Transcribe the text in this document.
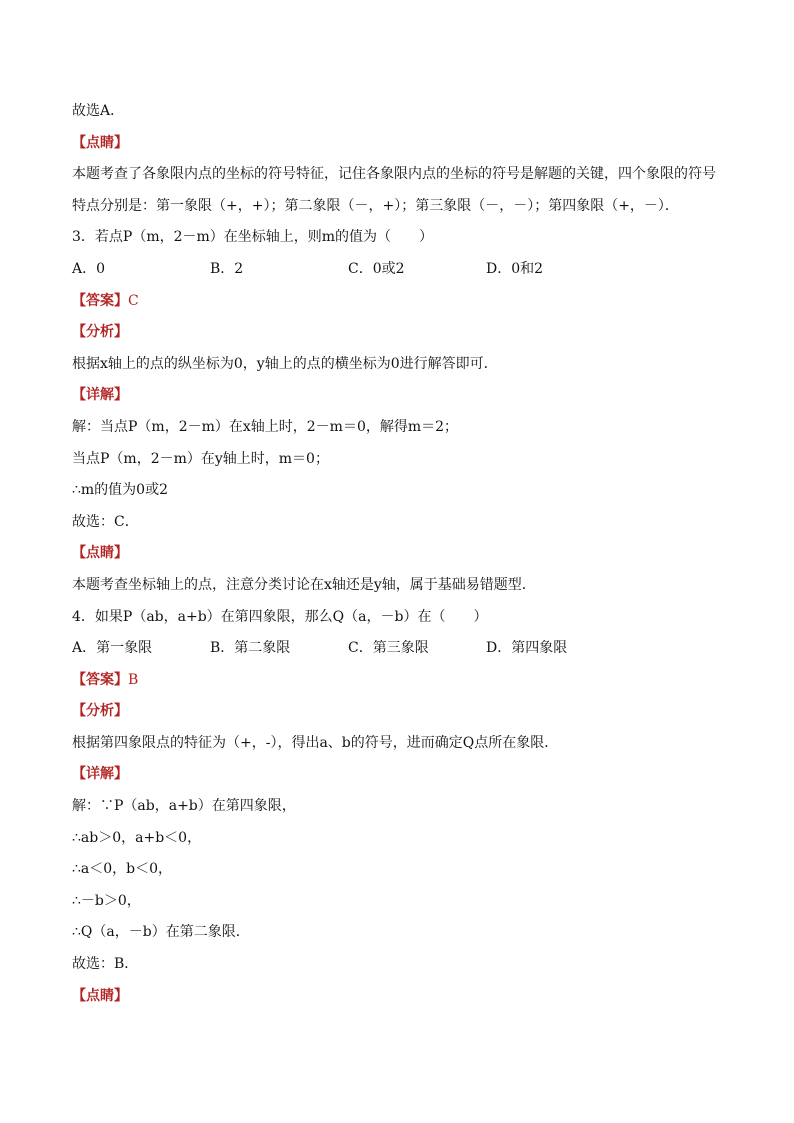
故选A．
【点睛】
本题考查了各象限内点的坐标的符号特征，记住各象限内点的坐标的符号是解题的关键，四个象限的符号
特点分别是：第一象限（+，+）；第二象限（－，+）；第三象限（－，－）；第四象限（+，－）．
3．若点P（m，2－m）在坐标轴上，则m的值为（　　）
A．0	B．2	C．0或2	D．0和2
【答案】C
【分析】
根据x轴上的点的纵坐标为0，y轴上的点的横坐标为0进行解答即可．
【详解】
解：当点P（m，2－m）在x轴上时，2－m＝0，解得m＝2；
当点P（m，2－m）在y轴上时，m＝0；
∴m的值为0或2
故选：C．
【点睛】
本题考查坐标轴上的点，注意分类讨论在x轴还是y轴，属于基础易错题型．
4．如果P（ab，a+b）在第四象限，那么Q（a，－b）在（　　）
A．第一象限	B．第二象限	C．第三象限	D．第四象限
【答案】B
【分析】
根据第四象限点的特征为（+，-），得出a、b的符号，进而确定Q点所在象限．
【详解】
解：∵P（ab，a+b）在第四象限，
∴ab＞0，a+b＜0，
∴a＜0，b＜0，
∴－b＞0，
∴Q（a，－b）在第二象限．
故选：B．
【点睛】
